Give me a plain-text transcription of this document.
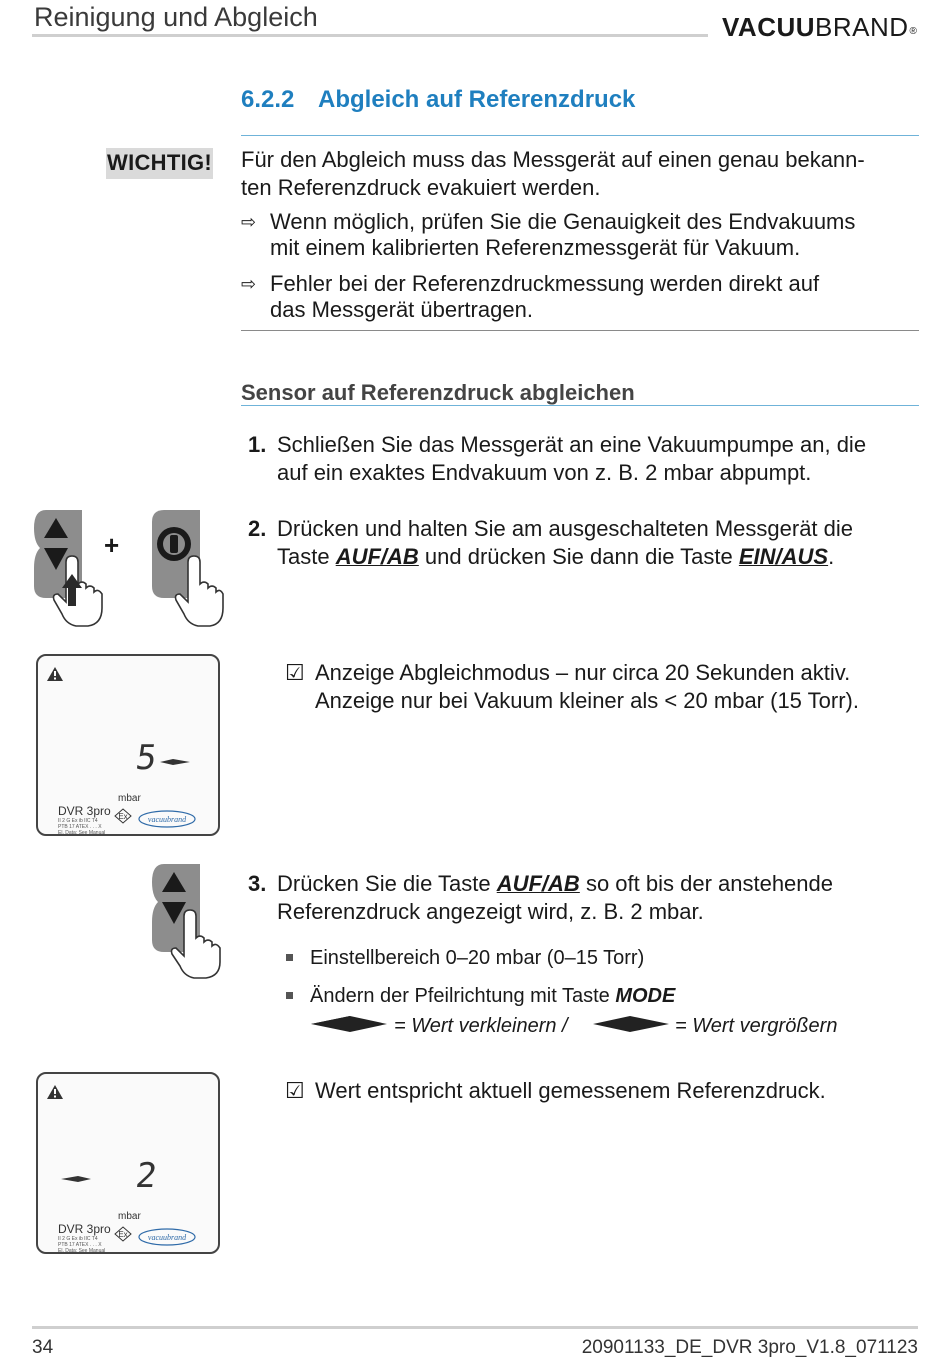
Reinigung und Abgleich	VACUUBRAND®
6.2.2 Abgleich auf Referenzdruck
WICHTIG! Für den Abgleich muss das Messgerät auf einen genau bekann-
ten Referenzdruck evakuiert werden.
⇨ Wenn möglich, prüfen Sie die Genauigkeit des Endvakuums
mit einem kalibrierten Referenzmessgerät für Vakuum.
⇨ Fehler bei der Referenzdruckmessung werden direkt auf
das Messgerät übertragen.
Sensor auf Referenzdruck abgleichen
1. Schließen Sie das Messgerät an eine Vakuumpumpe an, die
auf ein exaktes Endvakuum von z. B. 2 mbar abpumpt.
+
2. Drücken und halten Sie am ausgeschalteten Messgerät die
Taste AUF/AB und drücken Sie dann die Taste EIN/AUS.
5
mbar
DVR 3pro
II 2 G Ex ib IIC T4
PTB 17 ATEX . . . X
El. Data: See Manual
Ex	vacuubrand
☑ Anzeige Abgleichmodus – nur circa 20 Sekunden aktiv.
Anzeige nur bei Vakuum kleiner als < 20 mbar (15 Torr).
3. Drücken Sie die Taste AUF/AB so oft bis der anstehende
Referenzdruck angezeigt wird, z. B. 2 mbar.
Einstellbereich 0–20 mbar (0–15 Torr)
Ändern der Pfeilrichtung mit Taste MODE
= Wert verkleinern /	= Wert vergrößern
2
mbar
DVR 3pro
II 2 G Ex ib IIC T4
PTB 17 ATEX . . . X
El. Data: See Manual
Ex	vacuubrand
☑ Wert entspricht aktuell gemessenem Referenzdruck.
34	20901133_DE_DVR 3pro_V1.8_071123
